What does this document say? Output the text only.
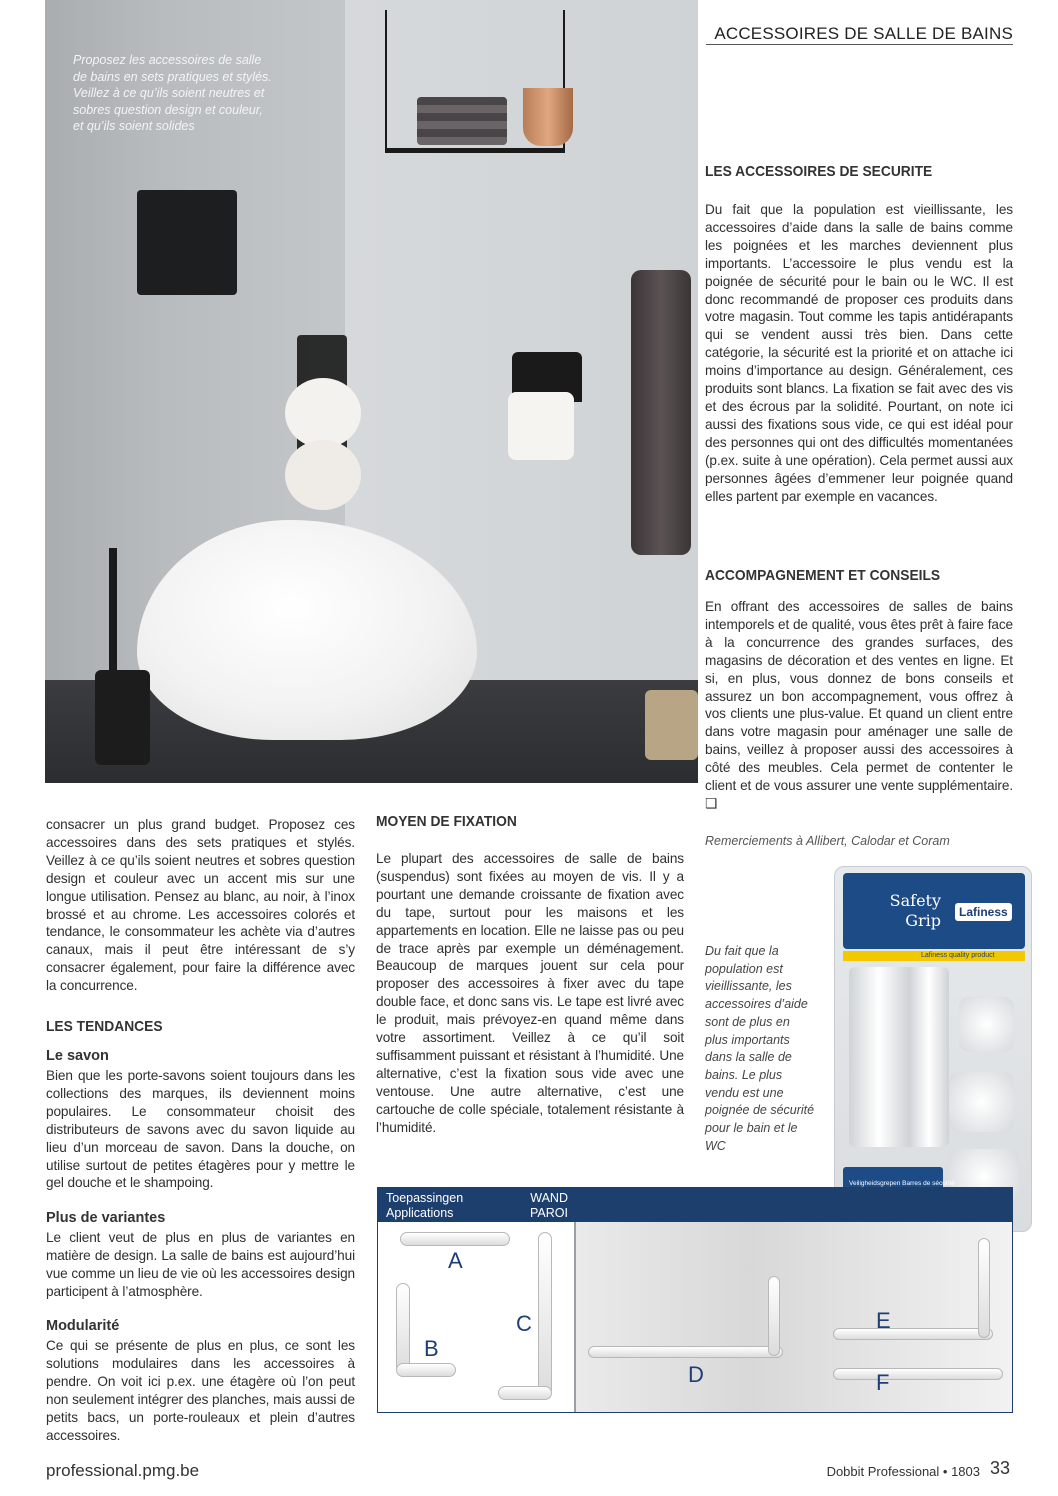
Proposez les accessoires de salle de bains en sets pratiques et stylés. Veillez à ce qu’ils soient neutres et sobres question design et couleur, et qu’ils soient solides
ACCESSOIRES DE SALLE DE BAINS
LES ACCESSOIRES DE SECURITE

Du fait que la population est vieillissante, les accessoires d’aide dans la salle de bains comme les poignées et les marches deviennent plus importants. L’accessoire le plus vendu est la poignée de sécurité pour le bain ou le WC. Il est donc recommandé de proposer ces produits dans votre magasin. Tout comme les tapis antidérapants qui se vendent aussi très bien. Dans cette catégorie, la sécurité est la priorité et on attache ici moins d’importance au design. Généralement, ces produits sont blancs. La fixation se fait avec des vis et des écrous par la solidité. Pourtant, on note ici aussi des fixations sous vide, ce qui est idéal pour des personnes qui ont des difficultés momentanées (p.ex. suite à une opération). Cela permet aussi aux personnes âgées d’emmener leur poignée quand elles partent par exemple en vacances.

ACCOMPAGNEMENT ET CONSEILS

En offrant des accessoires de salles de bains intemporels et de qualité, vous êtes prêt à faire face à la concurrence des grandes surfaces, des magasins de décoration et des ventes en ligne. Et si, en plus, vous donnez de bons conseils et assurez un bon accompagnement, vous offrez à vos clients une plus-value. Et quand un client entre dans votre magasin pour aménager une salle de bains, veillez à proposer aussi des accessoires à côté des meubles. Cela permet de contenter le client et de vous assurer une vente supplémentaire. ❑

Remerciements à Allibert, Calodar et Coram

consacrer un plus grand budget. Proposez ces accessoires dans des sets pratiques et stylés. Veillez à ce qu’ils soient neutres et sobres question design et couleur avec un accent mis sur une longue utilisation. Pensez au blanc, au noir, à l’inox brossé et au chrome. Les accessoires colorés et tendance, le consommateur les achète via d’autres canaux, mais il peut être intéressant de s’y consacrer également, pour faire la différence avec la concurrence.

LES TENDANCES
Le savon

Bien que les porte-savons soient toujours dans les collections des marques, ils deviennent moins populaires. Le consommateur choisit des distributeurs de savons avec du savon liquide au lieu d’un morceau de savon. Dans la douche, on utilise surtout de petites étagères pour y mettre le gel douche et le shampoing.

Plus de variantes

Le client veut de plus en plus de variantes en matière de design. La salle de bains est aujourd’hui vue comme un lieu de vie où les accessoires design participent à l’atmosphère.

Modularité

Ce qui se présente de plus en plus, ce sont les solutions modulaires dans les accessoires à pendre. On voit ici p.ex. une étagère où l’on peut non seulement intégrer des planches, mais aussi de petits bacs, un porte-rouleaux et plein d’autres accessoires.

MOYEN DE FIXATION

Le plupart des accessoires de salle de bains (suspendus) sont fixées au moyen de vis. Il y a pourtant une demande croissante de fixation avec du tape, surtout pour les maisons et les appartements en location. Elle ne laisse pas ou peu de trace après par exemple un déménagement. Beaucoup de marques jouent sur cela pour proposer des accessoires à fixer avec du tape double face, et donc sans vis. Le tape est livré avec le produit, mais prévoyez-en quand même dans votre assortiment. Veillez à ce qu’il soit suffisamment puissant et résistant à l’humidité. Une alternative, c’est la fixation sous vide avec une ventouse. Une autre alternative, c’est une cartouche de colle spéciale, totalement résistante à l’humidité.

Du fait que la population est vieillissante, les accessoires d’aide sont de plus en plus importants dans la salle de bains. Le plus vendu est une poignée de sécurité pour le bain et le WC

Safety Grip	Lafiness
Lafiness quality product
Veiligheidsgrepen Barres de sécurité
Toepassingen
Applications
WAND
PAROI
A
B
C
D
E
F
professional.pmg.be	Dobbit Professional • 1803 33
